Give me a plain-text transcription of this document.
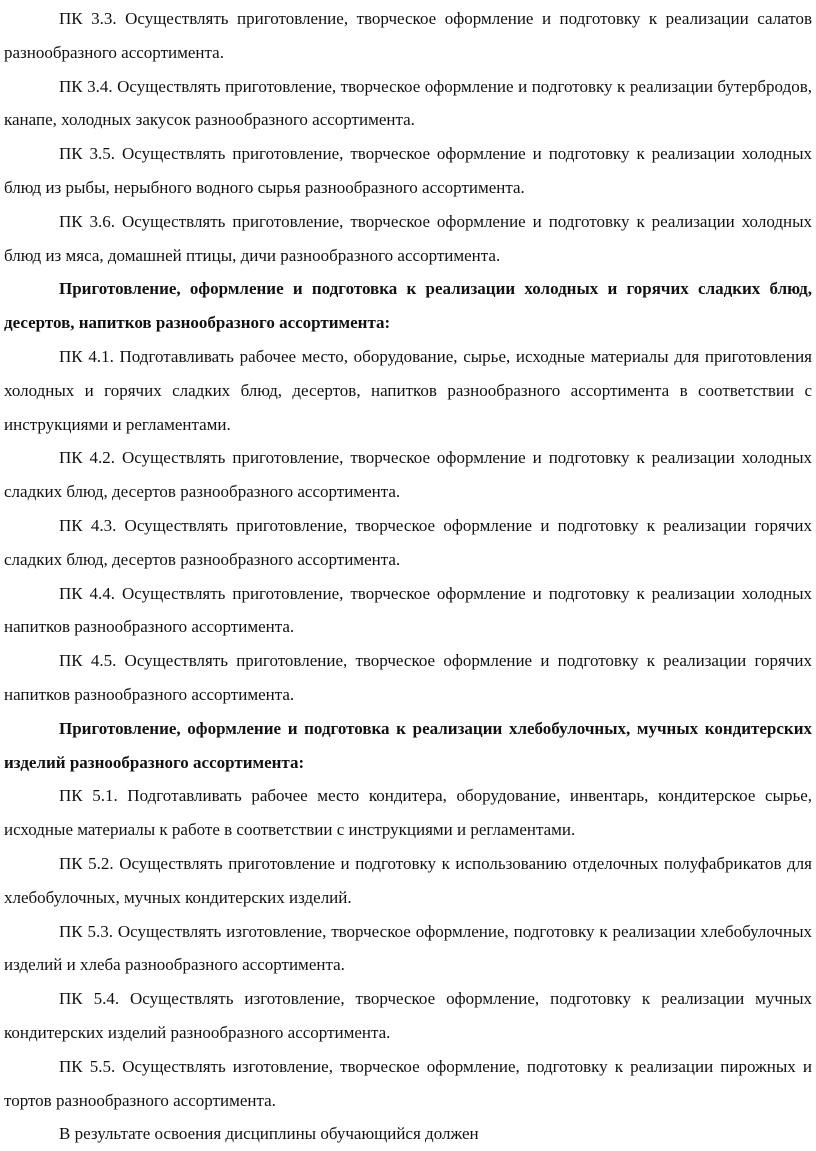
ПК 3.3. Осуществлять приготовление, творческое оформление и подготовку к реализации салатов разнообразного ассортимента.

ПК 3.4. Осуществлять приготовление, творческое оформление и подготовку к реализации бутербродов, канапе, холодных закусок разнообразного ассортимента.

ПК 3.5. Осуществлять приготовление, творческое оформление и подготовку к реализации холодных блюд из рыбы, нерыбного водного сырья разнообразного ассортимента.

ПК 3.6. Осуществлять приготовление, творческое оформление и подготовку к реализации холодных блюд из мяса, домашней птицы, дичи разнообразного ассортимента.

Приготовление, оформление и подготовка к реализации холодных и горячих сладких блюд, десертов, напитков разнообразного ассортимента:

ПК 4.1. Подготавливать рабочее место, оборудование, сырье, исходные материалы для приготовления холодных и горячих сладких блюд, десертов, напитков разнообразного ассортимента в соответствии с инструкциями и регламентами.

ПК 4.2. Осуществлять приготовление, творческое оформление и подготовку к реализации холодных сладких блюд, десертов разнообразного ассортимента.

ПК 4.3. Осуществлять приготовление, творческое оформление и подготовку к реализации горячих сладких блюд, десертов разнообразного ассортимента.

ПК 4.4. Осуществлять приготовление, творческое оформление и подготовку к реализации холодных напитков разнообразного ассортимента.

ПК 4.5. Осуществлять приготовление, творческое оформление и подготовку к реализации горячих напитков разнообразного ассортимента.

Приготовление, оформление и подготовка к реализации хлебобулочных, мучных кондитерских изделий разнообразного ассортимента:

ПК 5.1. Подготавливать рабочее место кондитера, оборудование, инвентарь, кондитерское сырье, исходные материалы к работе в соответствии с инструкциями и регламентами.

ПК 5.2. Осуществлять приготовление и подготовку к использованию отделочных полуфабрикатов для хлебобулочных, мучных кондитерских изделий.

ПК 5.3. Осуществлять изготовление, творческое оформление, подготовку к реализации хлебобулочных изделий и хлеба разнообразного ассортимента.

ПК 5.4. Осуществлять изготовление, творческое оформление, подготовку к реализации мучных кондитерских изделий разнообразного ассортимента.

ПК 5.5. Осуществлять изготовление, творческое оформление, подготовку к реализации пирожных и тортов разнообразного ассортимента.

В результате освоения дисциплины обучающийся должен
